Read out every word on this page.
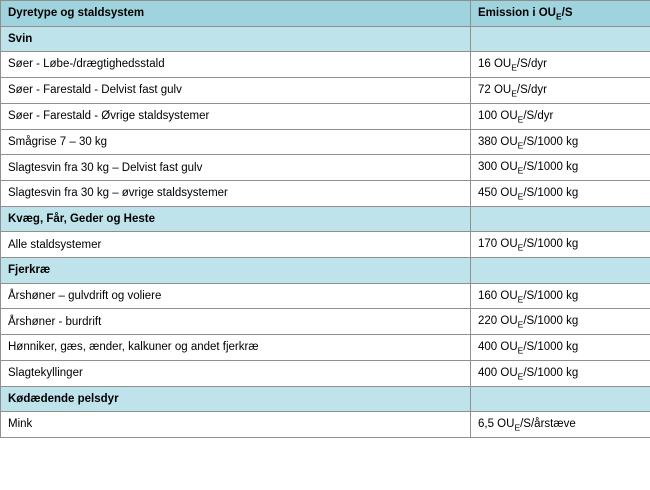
Dyretype og staldsystem	Emission i $OU_E/S$
Svin	
Søer - Løbe-/drægtighedsstald	16 $OU_E/S$/dyr
Søer - Farestald - Delvist fast gulv	72 $OU_E/S$/dyr
Søer - Farestald - Øvrige staldsystemer	100 $OU_E/S$/dyr
Smågrise 7 – 30 kg	380 $OU_E/S/1000$ kg
Slagtesvin fra 30 kg – Delvist fast gulv	300 $OU_E/S/1000$ kg
Slagtesvin fra 30 kg – øvrige staldsystemer	450 $OU_E/S/1000$ kg
Kvæg, Får, Geder og Heste	
Alle staldsystemer	170 $OU_E/S/1000$ kg
Fjerkræ	
Årshøner – gulvdrift og voliere	160 $OU_E/S/1000$ kg
Årshøner - burdrift	220 $OU_E/S/1000$ kg
Hønniker, gæs, ænder, kalkuner og andet fjerkræ	400 $OU_E/S/1000$ kg
Slagtekyllinger	400 $OU_E/S/1000$ kg
Kødædende pelsdyr	
Mink	6,5 $OU_E/S$/årstæve
